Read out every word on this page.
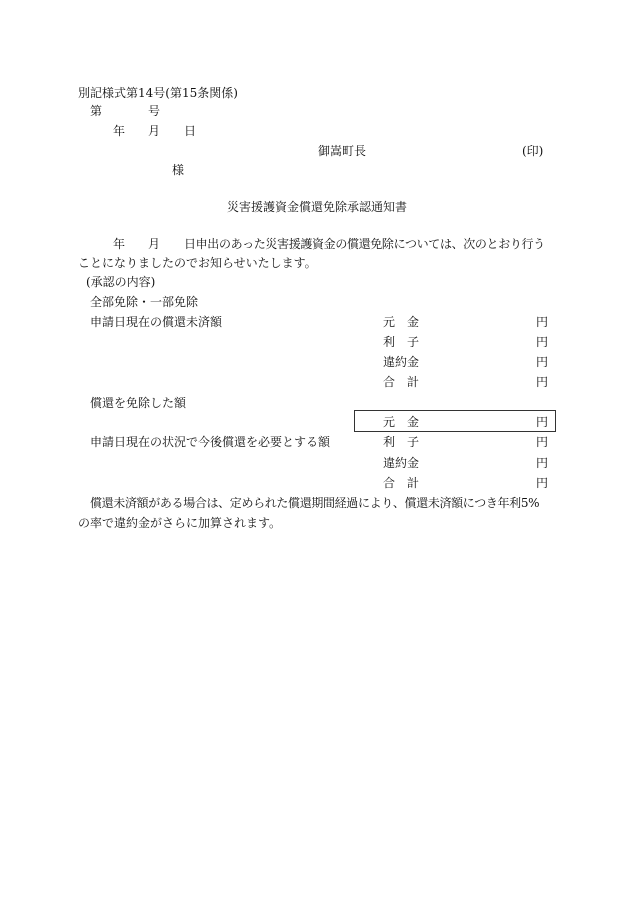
別記様式第14号(第15条関係)
第	号
年 月 日
御嵩町長	(印)
様
災害援護資金償還免除承認通知書
年 月 日申出のあった災害援護資金の償還免除については、次のとおり行う
ことになりましたのでお知らせいたします。
(承認の内容)
全部免除・一部免除
申請日現在の償還未済額	元　金	円
利　子	円
違約金	円
合　計	円
償還を免除した額
元　金	円
申請日現在の状況で今後償還を必要とする額	利　子	円
違約金	円
合　計	円
償還未済額がある場合は、定められた償還期間経過により、償還未済額につき年利5%
の率で違約金がさらに加算されます。
